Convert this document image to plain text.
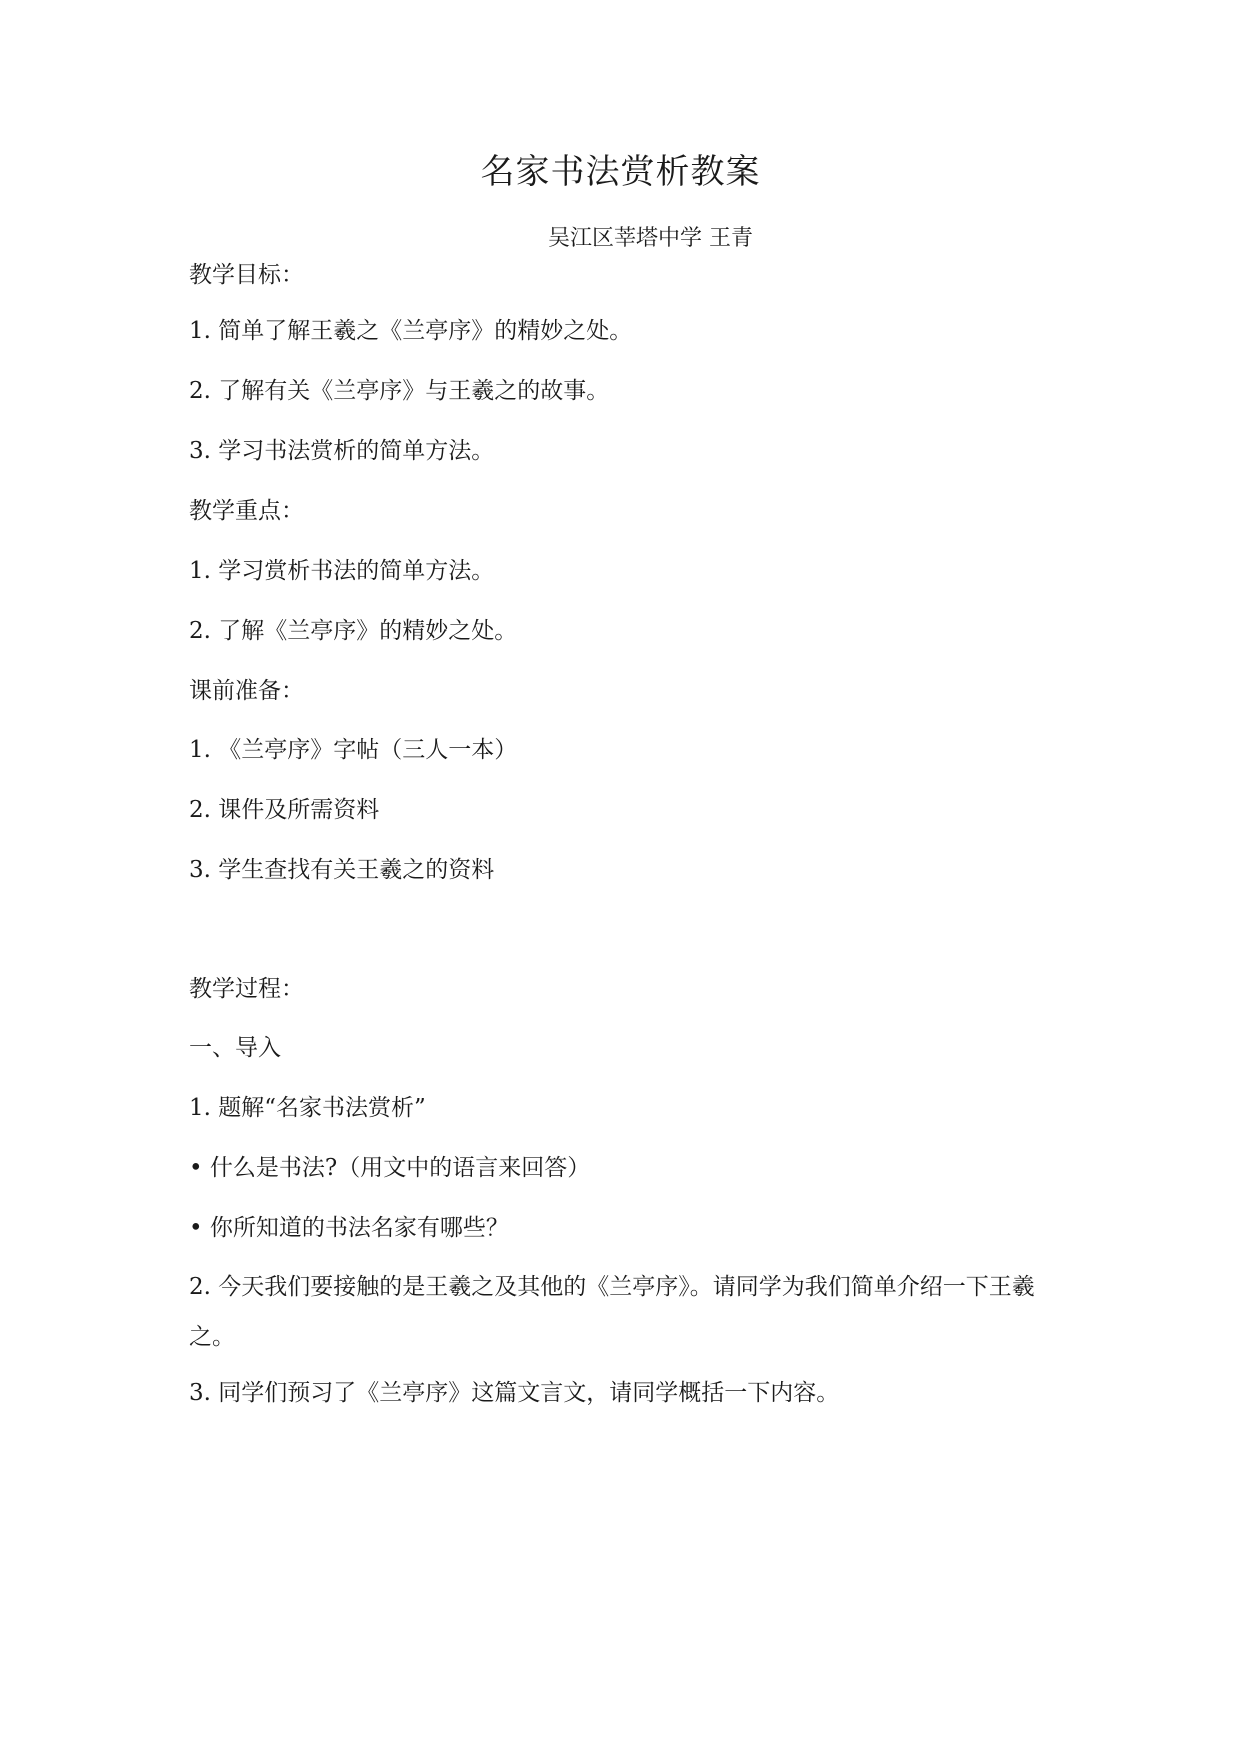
名家书法赏析教案
吴江区莘塔中学 王青
教学目标：
1. 简单了解王羲之《兰亭序》的精妙之处。
2. 了解有关《兰亭序》与王羲之的故事。
3. 学习书法赏析的简单方法。
教学重点：
1. 学习赏析书法的简单方法。
2. 了解《兰亭序》的精妙之处。
课前准备：
1. 《兰亭序》字帖（三人一本）
2. 课件及所需资料
3. 学生查找有关王羲之的资料
教学过程：
一、导入
1. 题解“名家书法赏析”
• 什么是书法?（用文中的语言来回答）
• 你所知道的书法名家有哪些？
2. 今天我们要接触的是王羲之及其他的《兰亭序》。请同学为我们简单介绍一下王羲之。
3. 同学们预习了《兰亭序》这篇文言文，请同学概括一下内容。
